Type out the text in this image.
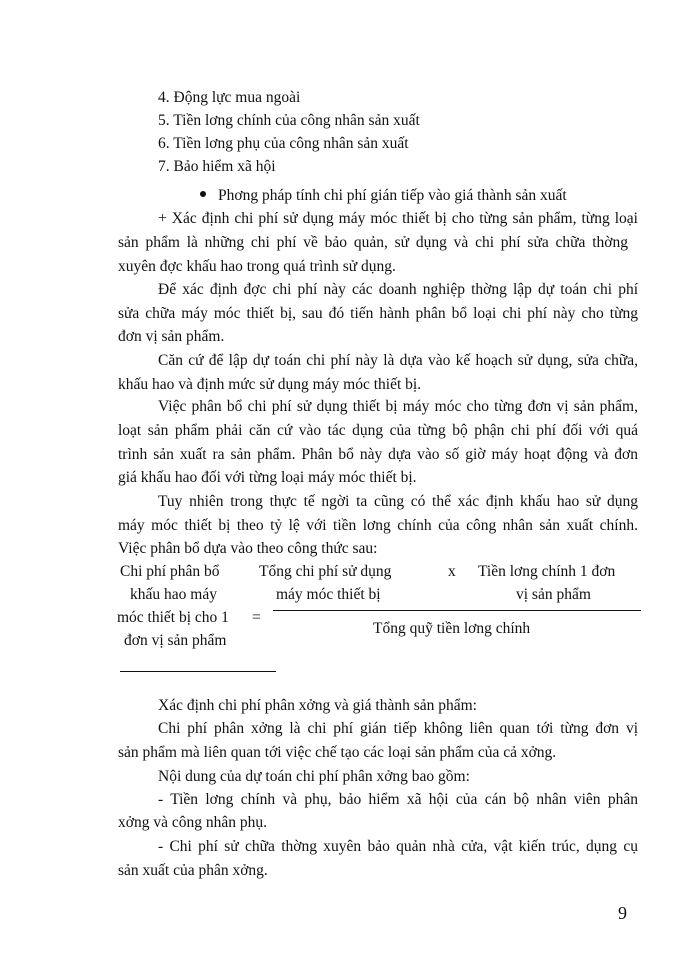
4. Động lực mua ngoài
5. Tiền lơng chính của công nhân sản xuất
6. Tiền lơng phụ của công nhân sản xuất
7. Bảo hiểm xã hội
Phơng pháp tính chi phí gián tiếp vào giá thành sản xuất
+ Xác định chi phí sử dụng máy móc thiết bị cho từng sản phẩm, từng loại
sản phẩm là những chi phí về bảo quản, sử dụng và chi phí sửa chữa thờng
xuyên đợc khấu hao trong quá trình sử dụng.
Để xác định đợc chi phí này các doanh nghiệp thờng lập dự toán chi phí
sửa chữa máy móc thiết bị, sau đó tiến hành phân bổ loại chi phí này cho từng
đơn vị sản phẩm.
Căn cứ để lập dự toán chi phí này là dựa vào kế hoạch sử dụng, sửa chữa,
khấu hao và định mức sử dụng máy móc thiết bị.
Việc phân bổ chi phí sử dụng thiết bị máy móc cho từng đơn vị sản phẩm,
loạt sản phẩm phải căn cứ vào tác dụng của từng bộ phận chi phí đối với quá
trình sản xuất ra sản phẩm. Phân bổ này dựa vào số giờ máy hoạt động và đơn
giá khấu hao đối với từng loại máy móc thiết bị.
Tuy nhiên trong thực tế ngời ta cũng có thể xác định khấu hao sử dụng
máy móc thiết bị theo tỷ lệ với tiền lơng chính của công nhân sản xuất chính.
Việc phân bổ dựa vào theo công thức sau:
Chi phí phân bổ
khấu hao máy
móc thiết bị cho 1
đơn vị sản phẩm
=
Tổng chi phí sử dụng
máy móc thiết bị
x Tiền lơng chính 1 đơn
vị sản phẩm
Tổng quỹ tiền lơng chính
Xác định chi phí phân xởng và giá thành sản phẩm:
Chi phí phân xởng là chi phí gián tiếp không liên quan tới từng đơn vị
sản phẩm mà liên quan tới việc chế tạo các loại sản phẩm của cả xởng.
Nội dung của dự toán chi phí phân xởng bao gồm:
- Tiền lơng chính và phụ, bảo hiểm xã hội của cán bộ nhân viên phân
xởng và công nhân phụ.
- Chi phí sử chữa thờng xuyên bảo quản nhà cửa, vật kiến trúc, dụng cụ
sản xuất của phân xởng.
9
